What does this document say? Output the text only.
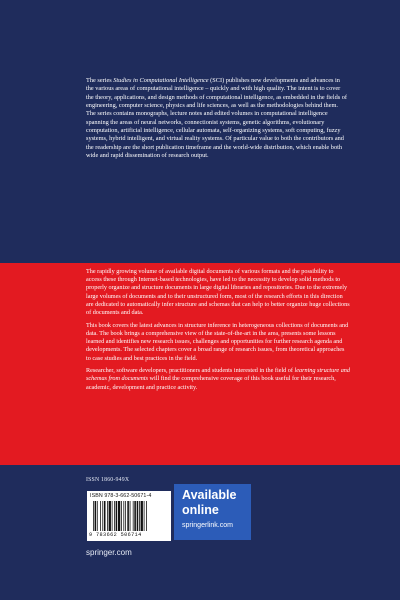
The series Studies in Computational Intelligence (SCI) publishes new developments and advances in the various areas of computational intelligence – quickly and with high quality. The intent is to cover the theory, applications, and design methods of computational intelligence, as embedded in the fields of engineering, computer science, physics and life sciences, as well as the methodologies behind them.

The series contains monographs, lecture notes and edited volumes in computational intelligence spanning the areas of neural networks, connectionist systems, genetic algorithms, evolutionary computation, artificial intelligence, cellular automata, self-organizing systems, soft computing, fuzzy systems, hybrid intelligent, and virtual reality systems. Of particular value to both the contributors and the readership are the short publication timeframe and the world-wide distribution, which enable both wide and rapid dissemination of research output.

The rapidly growing volume of available digital documents of various formats and the possibility to access these through Internet-based technologies, have led to the necessity to develop solid methods to properly organize and structure documents in large digital libraries and repositories. Due to the extremely large volumes of documents and to their unstructured form, most of the research efforts in this direction are dedicated to automatically infer structure and schemas that can help to better organize huge collections of documents and data.

This book covers the latest advances in structure inference in heterogeneous collections of documents and data. The book brings a comprehensive view of the state-of-the-art in the area, presents some lessons learned and identifies new research issues, challenges and opportunities for further research agenda and developments. The selected chapters cover a broad range of research issues, from theoretical approaches to case studies and best practices in the field.

Researcher, software developers, practitioners and students interested in the field of learning structure and schemas from documents will find the comprehensive coverage of this book useful for their research, academic, development and practice activity.

ISSN 1860-949X
ISBN 978-3-662-50671-4
9 783662 506714
Available
online
springerlink.com
springer.com
